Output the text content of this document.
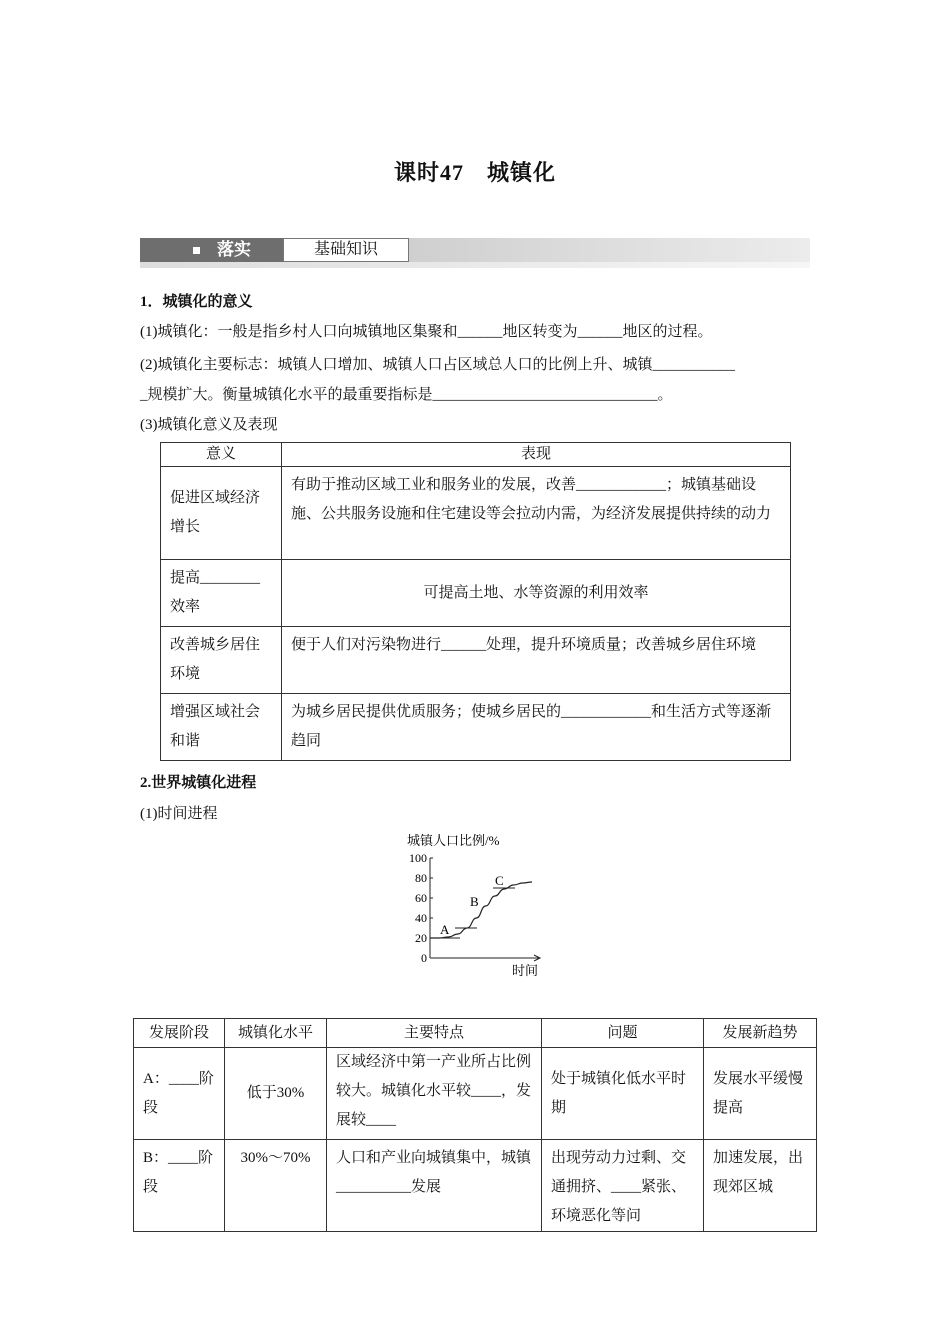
课时47　城镇化
落实	基础知识
1．城镇化的意义
(1)城镇化：一般是指乡村人口向城镇地区集聚和______地区转变为______地区的过程。
(2)城镇化主要标志：城镇人口增加、城镇人口占区域总人口的比例上升、城镇___________
_规模扩大。衡量城镇化水平的最重要指标是______________________________。
(3)城镇化意义及表现
意义	表现
促进区域经济增长	有助于推动区域工业和服务业的发展，改善____________；城镇基础设施、公共服务设施和住宅建设等会拉动内需，为经济发展提供持续的动力
提高________效率	可提高土地、水等资源的利用效率
改善城乡居住环境	便于人们对污染物进行______处理，提升环境质量；改善城乡居住环境
增强区域社会和谐	为城乡居民提供优质服务；使城乡居民的____________和生活方式等逐渐趋同
2.世界城镇化进程
(1)时间进程
城镇人口比例/%
时间
0
20
40
60
80
100
A
B
C
发展阶段	城镇化水平	主要特点	问题	发展新趋势
A：____阶段	低于30%	区域经济中第一产业所占比例较大。城镇化水平较____，发展较____	处于城镇化低水平时期	发展水平缓慢提高
B：____阶段	30%～70%	人口和产业向城镇集中，城镇__________发展	出现劳动力过剩、交通拥挤、____紧张、环境恶化等问	加速发展，出现郊区城
